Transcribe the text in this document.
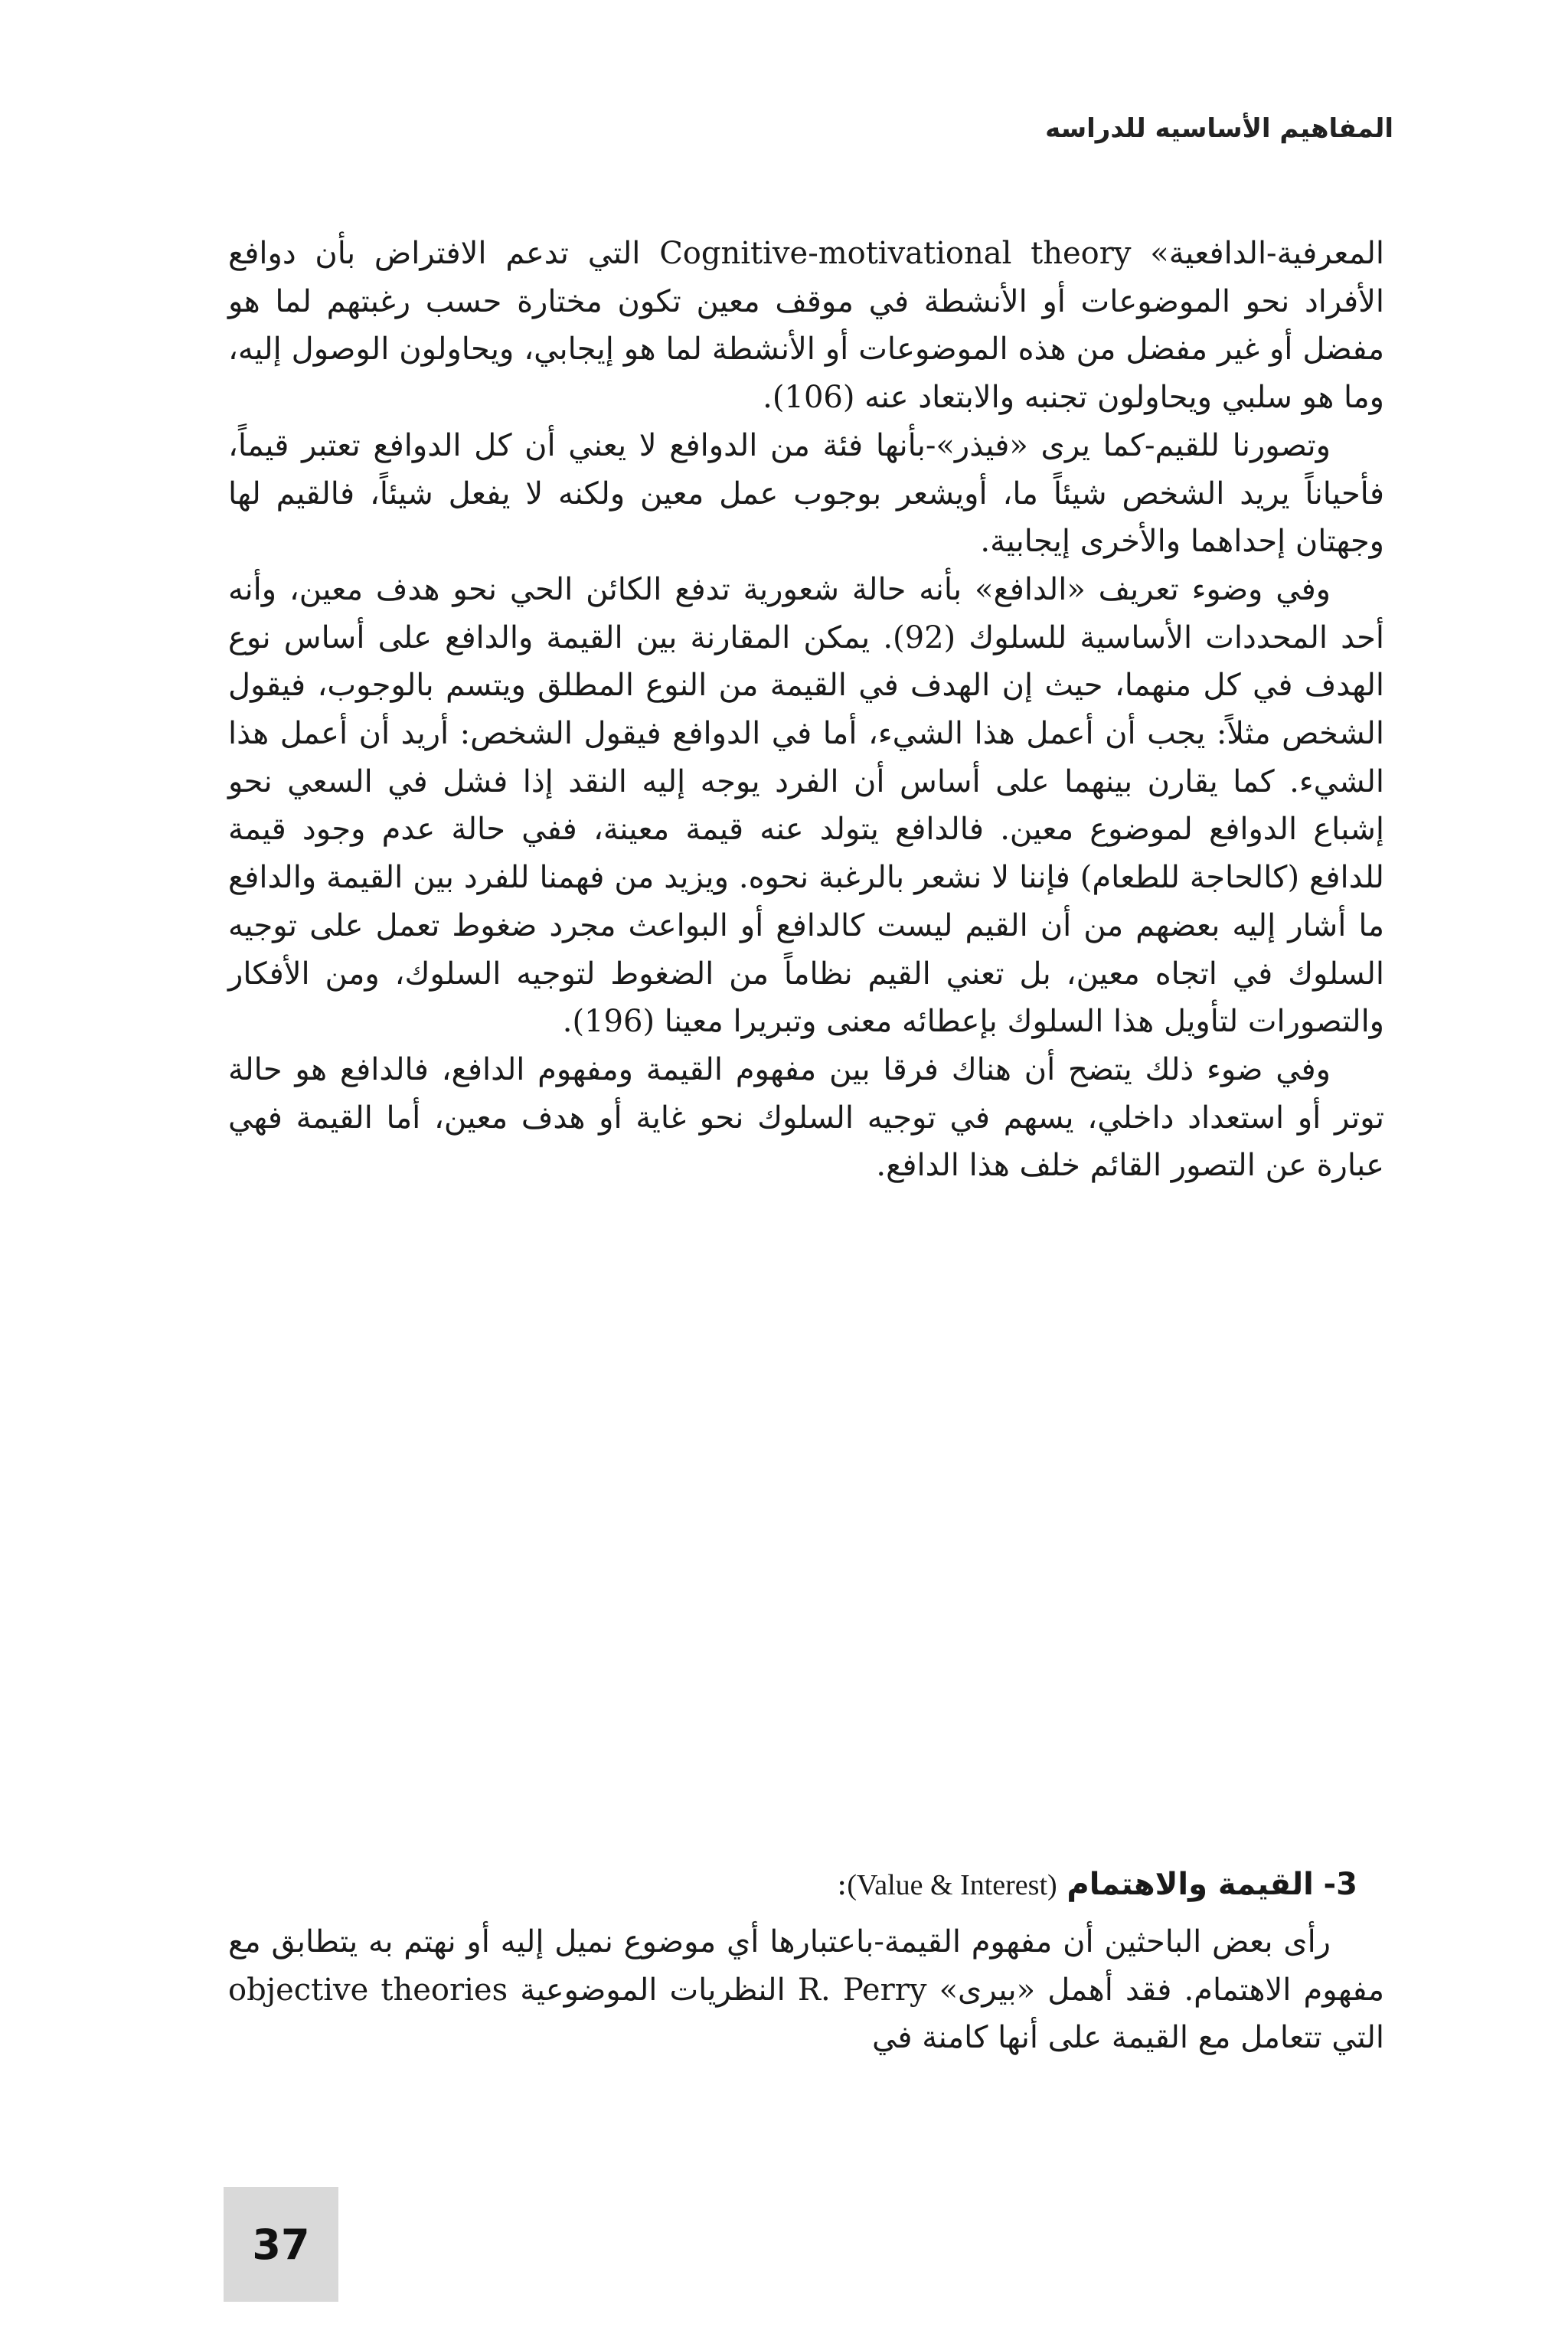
المفاهيم الأساسيه للدراسه

المعرفية-الدافعية» Cognitive-motivational theory التي تدعم الافتراض بأن دوافع الأفراد نحو الموضوعات أو الأنشطة في موقف معين تكون مختارة حسب رغبتهم لما هو مفضل أو غير مفضل من هذه الموضوعات أو الأنشطة لما هو إيجابي، ويحاولون الوصول إليه، وما هو سلبي ويحاولون تجنبه والابتعاد عنه (106).

وتصورنا للقيم-كما يرى «فيذر»-بأنها فئة من الدوافع لا يعني أن كل الدوافع تعتبر قيماً، فأحياناً يريد الشخص شيئاً ما، أويشعر بوجوب عمل معين ولكنه لا يفعل شيئاً، فالقيم لها وجهتان إحداهما والأخرى إيجابية.

وفي وضوء تعريف «الدافع» بأنه حالة شعورية تدفع الكائن الحي نحو هدف معين، وأنه أحد المحددات الأساسية للسلوك (92). يمكن المقارنة بين القيمة والدافع على أساس نوع الهدف في كل منهما، حيث إن الهدف في القيمة من النوع المطلق ويتسم بالوجوب، فيقول الشخص مثلاً: يجب أن أعمل هذا الشيء، أما في الدوافع فيقول الشخص: أريد أن أعمل هذا الشيء. كما يقارن بينهما على أساس أن الفرد يوجه إليه النقد إذا فشل في السعي نحو إشباع الدوافع لموضوع معين. فالدافع يتولد عنه قيمة معينة، ففي حالة عدم وجود قيمة للدافع (كالحاجة للطعام) فإننا لا نشعر بالرغبة نحوه. ويزيد من فهمنا للفرد بين القيمة والدافع ما أشار إليه بعضهم من أن القيم ليست كالدافع أو البواعث مجرد ضغوط تعمل على توجيه السلوك في اتجاه معين، بل تعني القيم نظاماً من الضغوط لتوجيه السلوك، ومن الأفكار والتصورات لتأويل هذا السلوك بإعطائه معنى وتبريرا معينا (196).

وفي ضوء ذلك يتضح أن هناك فرقا بين مفهوم القيمة ومفهوم الدافع، فالدافع هو حالة توتر أو استعداد داخلي، يسهم في توجيه السلوك نحو غاية أو هدف معين، أما القيمة فهي عبارة عن التصور القائم خلف هذا الدافع.

3- القيمة والاهتمام (Value & Interest):

رأى بعض الباحثين أن مفهوم القيمة-باعتبارها أي موضوع نميل إليه أو نهتم به يتطابق مع مفهوم الاهتمام. فقد أهمل «بيرى» R. Perry النظريات الموضوعية objective theories التي تتعامل مع القيمة على أنها كامنة في

37
